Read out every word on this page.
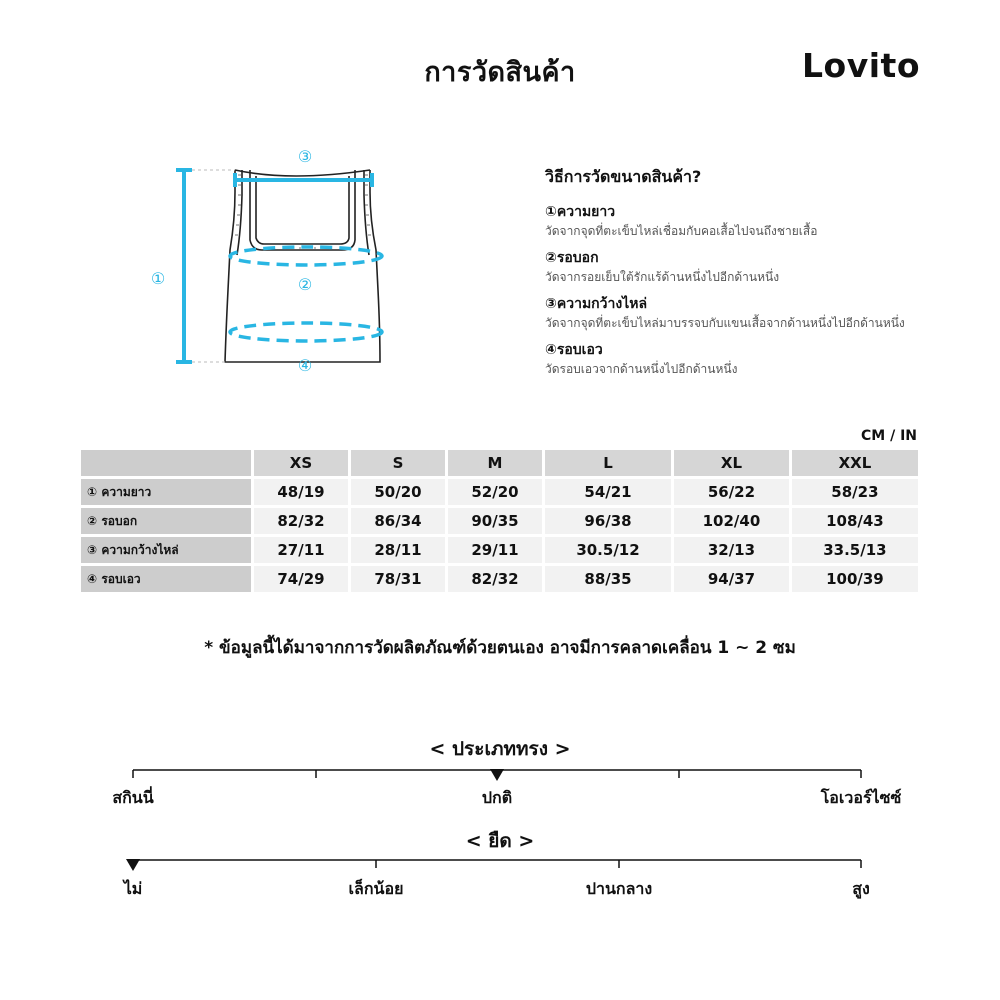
การวัดสินค้า	Lovito
①	②
③
④
วิธีการวัดขนาดสินค้า?
①ความยาว
วัดจากจุดที่ตะเข็บไหล่เชื่อมกับคอเสื้อไปจนถึงชายเสื้อ
②รอบอก
วัดจากรอยเย็บใต้รักแร้ด้านหนึ่งไปอีกด้านหนึ่ง
③ความกว้างไหล่
วัดจากจุดที่ตะเข็บไหล่มาบรรจบกับแขนเสื้อจากด้านหนึ่งไปอีกด้านหนึ่ง
④รอบเอว
วัดรอบเอวจากด้านหนึ่งไปอีกด้านหนึ่ง
CM / IN
	XS	S	M	L	XL	XXL
① ความยาว	48/19	50/20	52/20	54/21	56/22	58/23
② รอบอก	82/32	86/34	90/35	96/38	102/40	108/43
③ ความกว้างไหล่	27/11	28/11	29/11	30.5/12	32/13	33.5/13
④ รอบเอว	74/29	78/31	82/32	88/35	94/37	100/39
* ข้อมูลนี้ได้มาจากการวัดผลิตภัณฑ์ด้วยตนเอง อาจมีการคลาดเคลื่อน 1 ~ 2 ซม
< ประเภททรง >
สกินนี่	ปกติ	โอเวอร์ไซซ์
< ยืด >
ไม่	เล็กน้อย	ปานกลาง	สูง
